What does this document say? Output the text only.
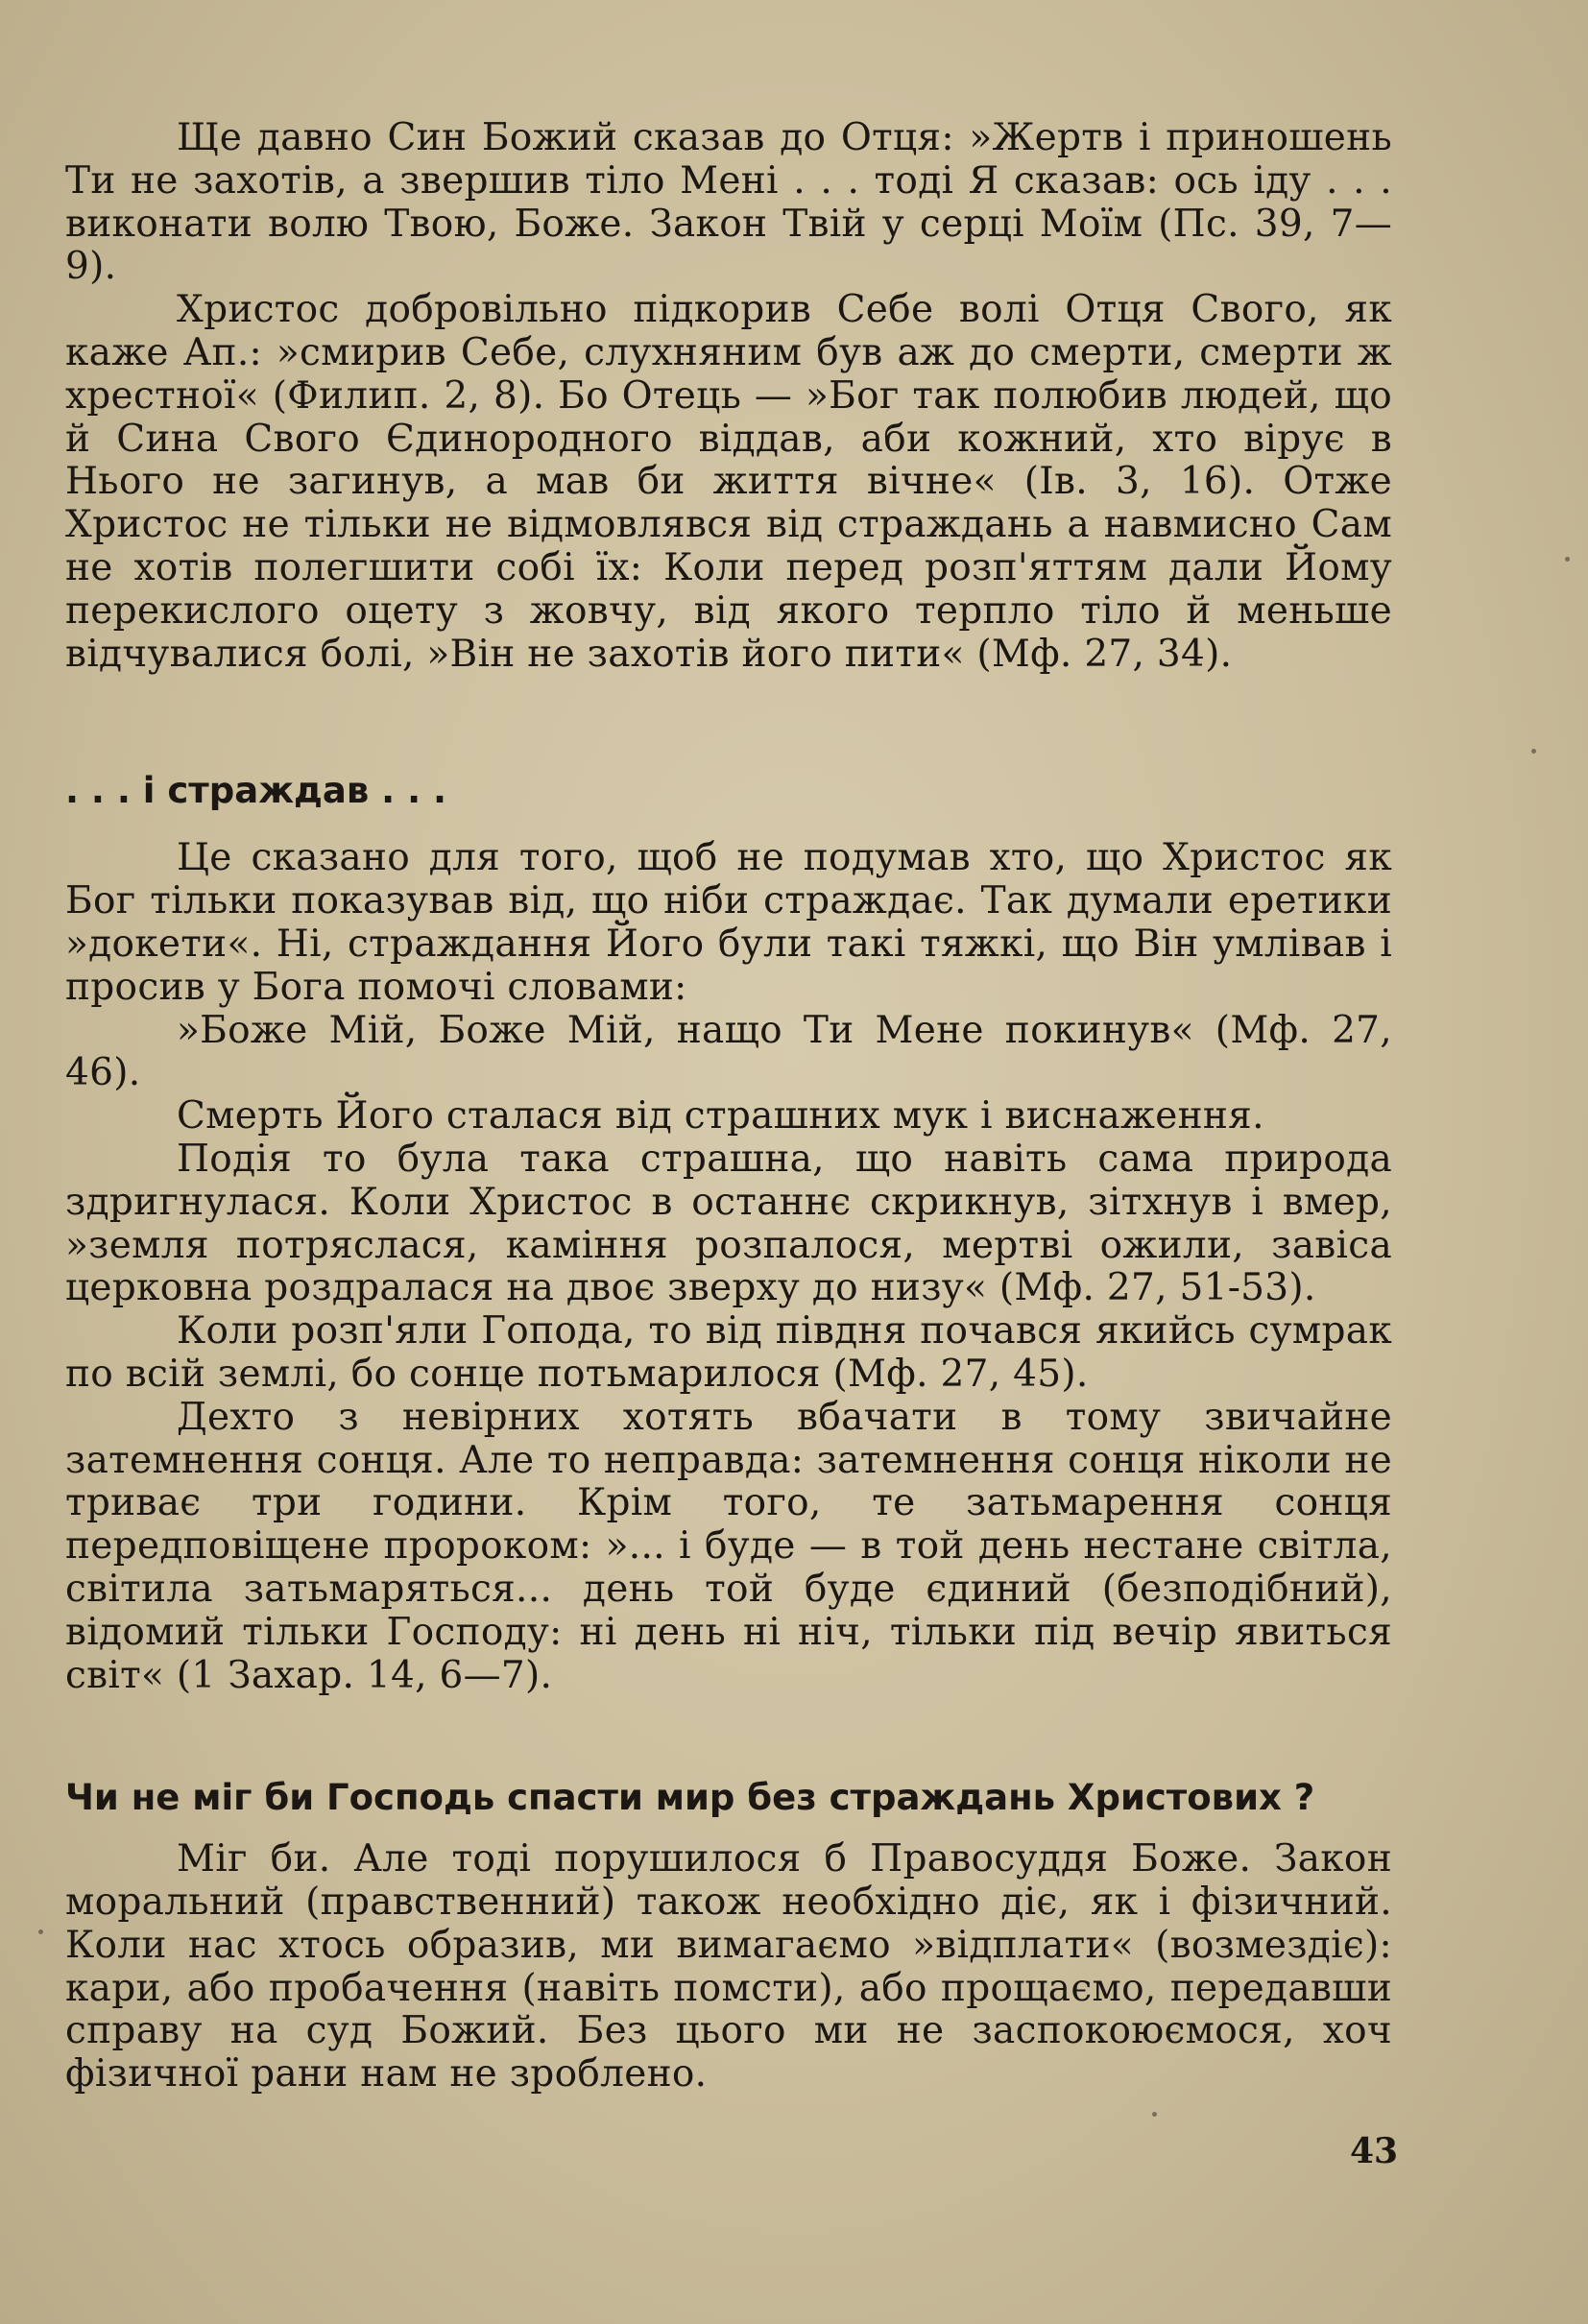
Ще давно Син Божий сказав до Отця: »Жертв і приношень Ти не захотів, а звершив тіло Мені . . . тоді Я сказав: ось іду . . . виконати волю Твою, Боже. Закон Твій у серці Моїм (Пс. 39, 7—9).

Христос добровільно підкорив Себе волі Отця Свого, як каже Ап.: »смирив Себе, слухняним був аж до смерти, смерти ж хрестної« (Филип. 2, 8). Бо Отець — »Бог так полюбив людей, що й Сина Свого Єдинородного віддав, аби кожний, хто вірує в Нього не загинув, а мав би життя вічне« (Ів. 3, 16). Отже Христос не тільки не відмовлявся від страждань а навмисно Сам не хотів полегшити собі їх: Коли перед розп'яттям дали Йому перекислого оцету з жовчу, від якого терпло тіло й меньше відчувалися болі, »Він не захотів його пити« (Мф. 27, 34).

. . . і страждав . . .

Це сказано для того, щоб не подумав хто, що Христос як Бог тільки показував від, що ніби страждає. Так думали еретики »докети«. Ні, страждання Його були такі тяжкі, що Він умлівав і просив у Бога помочі словами:

»Боже Мій, Боже Мій, нащо Ти Мене покинув« (Мф. 27, 46).

Смерть Його сталася від страшних мук і виснаження.

Подія то була така страшна, що навіть сама природа здригнулася. Коли Христос в останнє скрикнув, зітхнув і вмер, »земля потряслася, каміння розпалося, мертві ожили, завіса церковна роздралася на двоє зверху до низу« (Мф. 27, 51-53).

Коли розп'яли Гопода, то від півдня почався якийсь сумрак по всій землі, бо сонце потьмарилося (Мф. 27, 45).

Дехто з невірних хотять вбачати в тому звичайне затемнення сонця. Але то неправда: затемнення сонця ніколи не триває три години. Крім того, те затьмарення сонця передповіщене пророком: »... і буде — в той день нестане світла, світила затьмаряться... день той буде єдиний (безподібний), відомий тільки Господу: ні день ні ніч, тільки під вечір явиться світ« (1 Захар. 14, 6—7).

Чи не міг би Господь спасти мир без страждань Христових ?

Міг би. Але тоді порушилося б Правосуддя Боже. Закон моральний (правственний) також необхідно діє, як і фізичний. Коли нас хтось образив, ми вимагаємо »відплати« (возмездіє): кари, або пробачення (навіть помсти), або прощаємо, передавши справу на суд Божий. Без цього ми не заспокоюємося, хоч фізичної рани нам не зроблено.

43
